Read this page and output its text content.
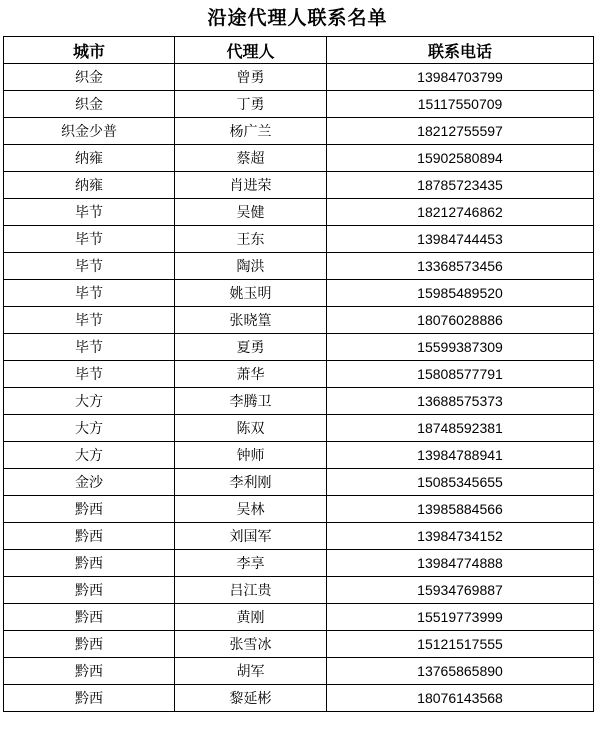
沿途代理人联系名单
城市	代理人	联系电话
织金	曾勇	13984703799
织金	丁勇	15117550709
织金少普	杨广兰	18212755597
纳雍	蔡超	15902580894
纳雍	肖进荣	18785723435
毕节	吴健	18212746862
毕节	王东	13984744453
毕节	陶洪	13368573456
毕节	姚玉明	15985489520
毕节	张晓篁	18076028886
毕节	夏勇	15599387309
毕节	萧华	15808577791
大方	李腾卫	13688575373
大方	陈双	18748592381
大方	钟师	13984788941
金沙	李利刚	15085345655
黔西	吴林	13985884566
黔西	刘国军	13984734152
黔西	李享	13984774888
黔西	吕江贵	15934769887
黔西	黄刚	15519773999
黔西	张雪冰	15121517555
黔西	胡军	13765865890
黔西	黎延彬	18076143568
